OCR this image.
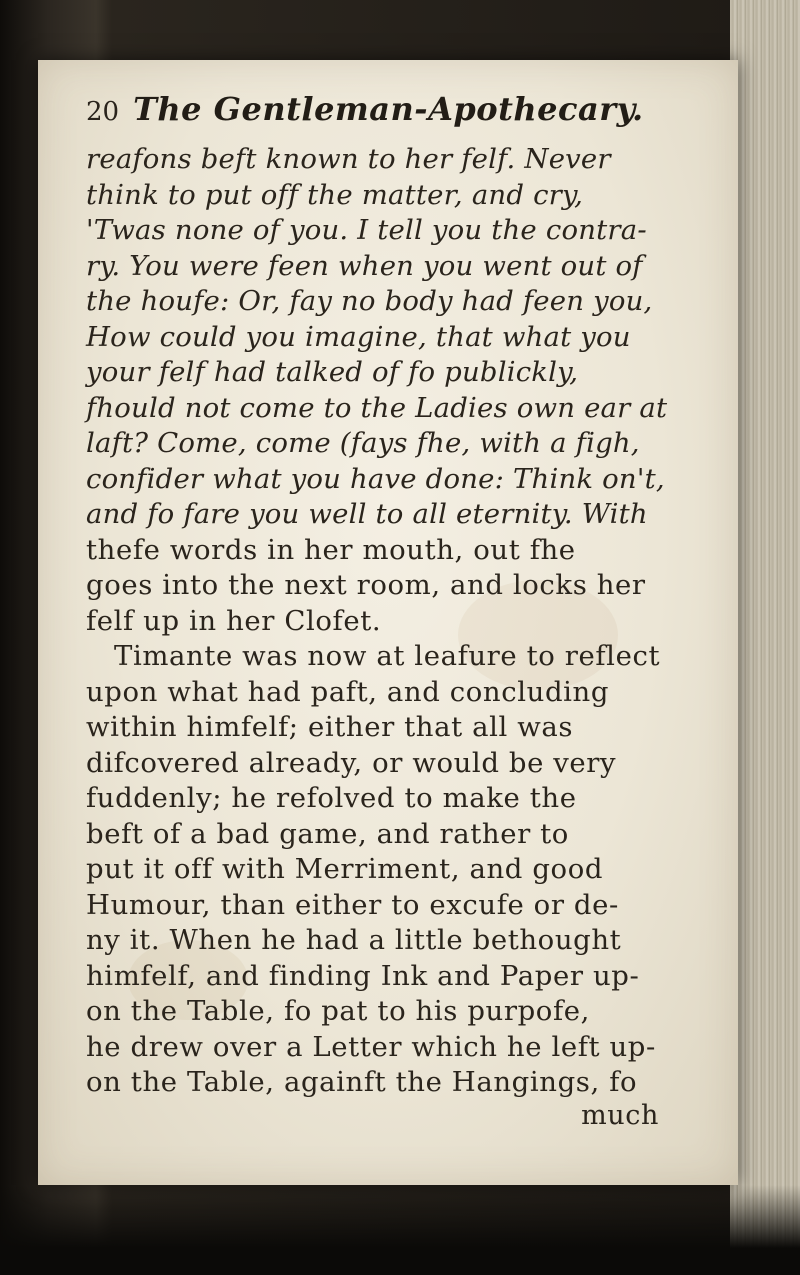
20 The Gentleman-Apothecary.
reafons beft known to her felf. Never
think to put off the matter, and cry,
'Twas none of you. I tell you the contra-
ry. You were feen when you went out of
the houfe: Or, fay no body had feen you,
How could you imagine, that what you
your felf had talked of fo publickly,
fhould not come to the Ladies own ear at
laft? Come, come (fays fhe, with a figh,
confider what you have done: Think on't,
and fo fare you well to all eternity. With
thefe words in her mouth, out fhe
goes into the next room, and locks her
felf up in her Clofet.
Timante was now at leafure to reflect
upon what had paft, and concluding
within himfelf; either that all was
difcovered already, or would be very
fuddenly; he refolved to make the
beft of a bad game, and rather to
put it off with Merriment, and good
Humour, than either to excufe or de-
ny it. When he had a little bethought
himfelf, and finding Ink and Paper up-
on the Table, fo pat to his purpofe,
he drew over a Letter which he left up-
on the Table, againft the Hangings, fo
much
